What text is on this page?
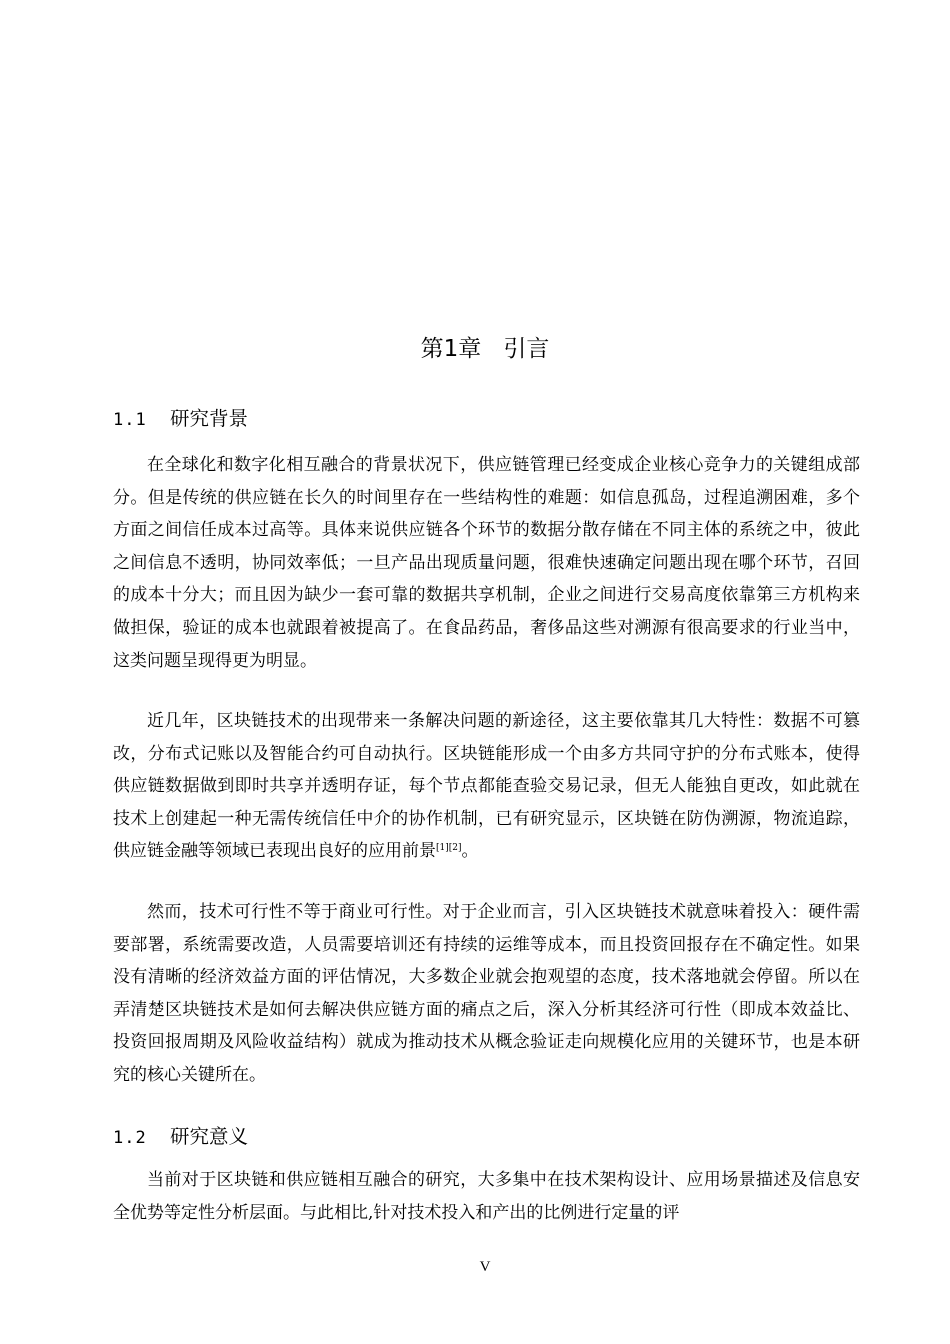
第1章 引言
1.1 研究背景

在全球化和数字化相互融合的背景状况下，供应链管理已经变成企业核心竞争力的关键组成部分。但是传统的供应链在长久的时间里存在一些结构性的难题：如信息孤岛，过程追溯困难，多个方面之间信任成本过高等。具体来说供应链各个环节的数据分散存储在不同主体的系统之中，彼此之间信息不透明，协同效率低；一旦产品出现质量问题，很难快速确定问题出现在哪个环节，召回的成本十分大；而且因为缺少一套可靠的数据共享机制，企业之间进行交易高度依靠第三方机构来做担保，验证的成本也就跟着被提高了。在食品药品，奢侈品这些对溯源有很高要求的行业当中，这类问题呈现得更为明显。

近几年，区块链技术的出现带来一条解决问题的新途径，这主要依靠其几大特性：数据不可篡改，分布式记账以及智能合约可自动执行。区块链能形成一个由多方共同守护的分布式账本，使得供应链数据做到即时共享并透明存证，每个节点都能查验交易记录，但无人能独自更改，如此就在技术上创建起一种无需传统信任中介的协作机制，已有研究显示，区块链在防伪溯源，物流追踪，供应链金融等领域已表现出良好的应用前景[1][2]。

然而，技术可行性不等于商业可行性。对于企业而言，引入区块链技术就意味着投入：硬件需要部署，系统需要改造，人员需要培训还有持续的运维等成本，而且投资回报存在不确定性。如果没有清晰的经济效益方面的评估情况，大多数企业就会抱观望的态度，技术落地就会停留。所以在弄清楚区块链技术是如何去解决供应链方面的痛点之后，深入分析其经济可行性（即成本效益比、投资回报周期及风险收益结构）就成为推动技术从概念验证走向规模化应用的关键环节，也是本研究的核心关键所在。

1.2 研究意义

当前对于区块链和供应链相互融合的研究，大多集中在技术架构设计、应用场景描述及信息安全优势等定性分析层面。与此相比,针对技术投入和产出的比例进行定量的评

V
